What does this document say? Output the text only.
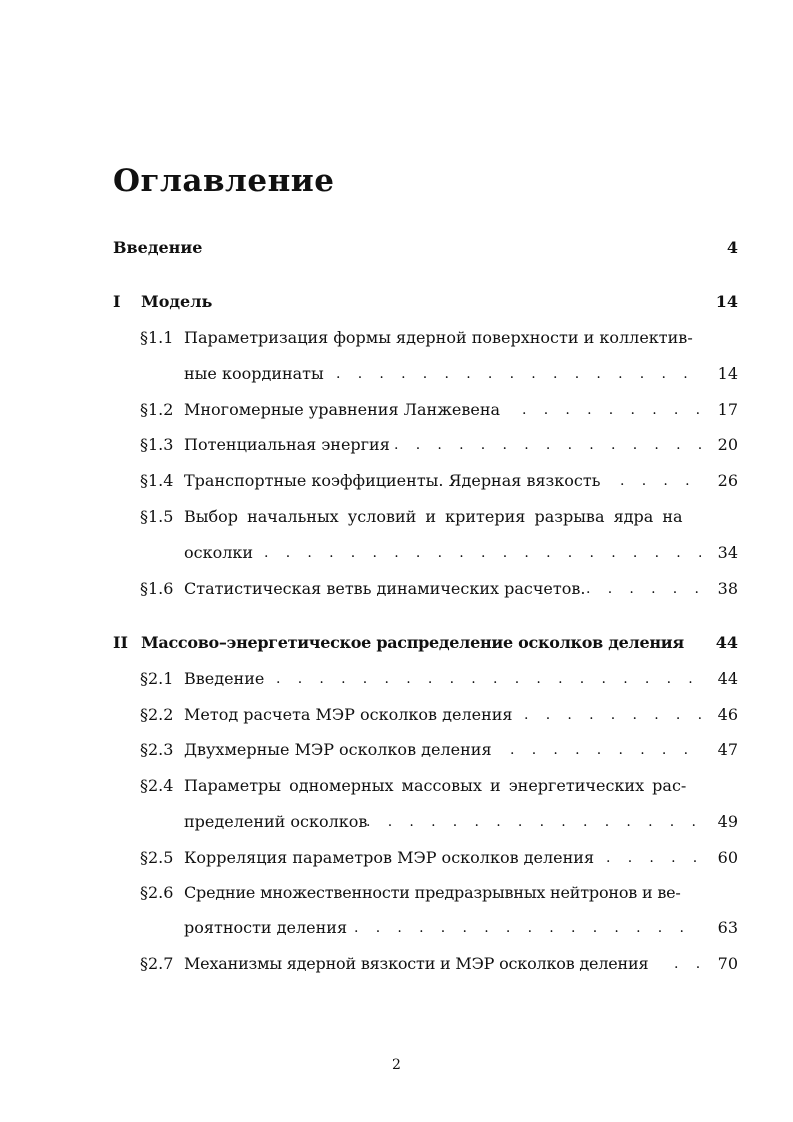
Оглавление
Введение	4
I Модель	14
§1.1 Параметризация формы ядерной поверхности и коллектив-
ные координаты . . .	14
§1.2 Многомерные уравнения Ланжевена . . .	17
§1.3 Потенциальная энергия . . .	20
§1.4 Транспортные коэффициенты. Ядерная вязкость . . .	26
§1.5 Выбор начальных условий и критерия разрыва ядра на
осколки . . .	34
§1.6 Статистическая ветвь динамических расчетов. . . .	38
II Массово–энергетическое распределение осколков деления 44
§2.1 Введение . . .	44
§2.2 Метод расчета МЭР осколков деления . . .	46
§2.3 Двухмерные МЭР осколков деления . . .	47
§2.4 Параметры одномерных массовых и энергетических рас-
пределений осколков . . .	49
§2.5 Корреляция параметров МЭР осколков деления . . .	60
§2.6 Средние множественности предразрывных нейтронов и ве-
роятности деления . . .	63
§2.7 Механизмы ядерной вязкости и МЭР осколков деления . . .	70
2
